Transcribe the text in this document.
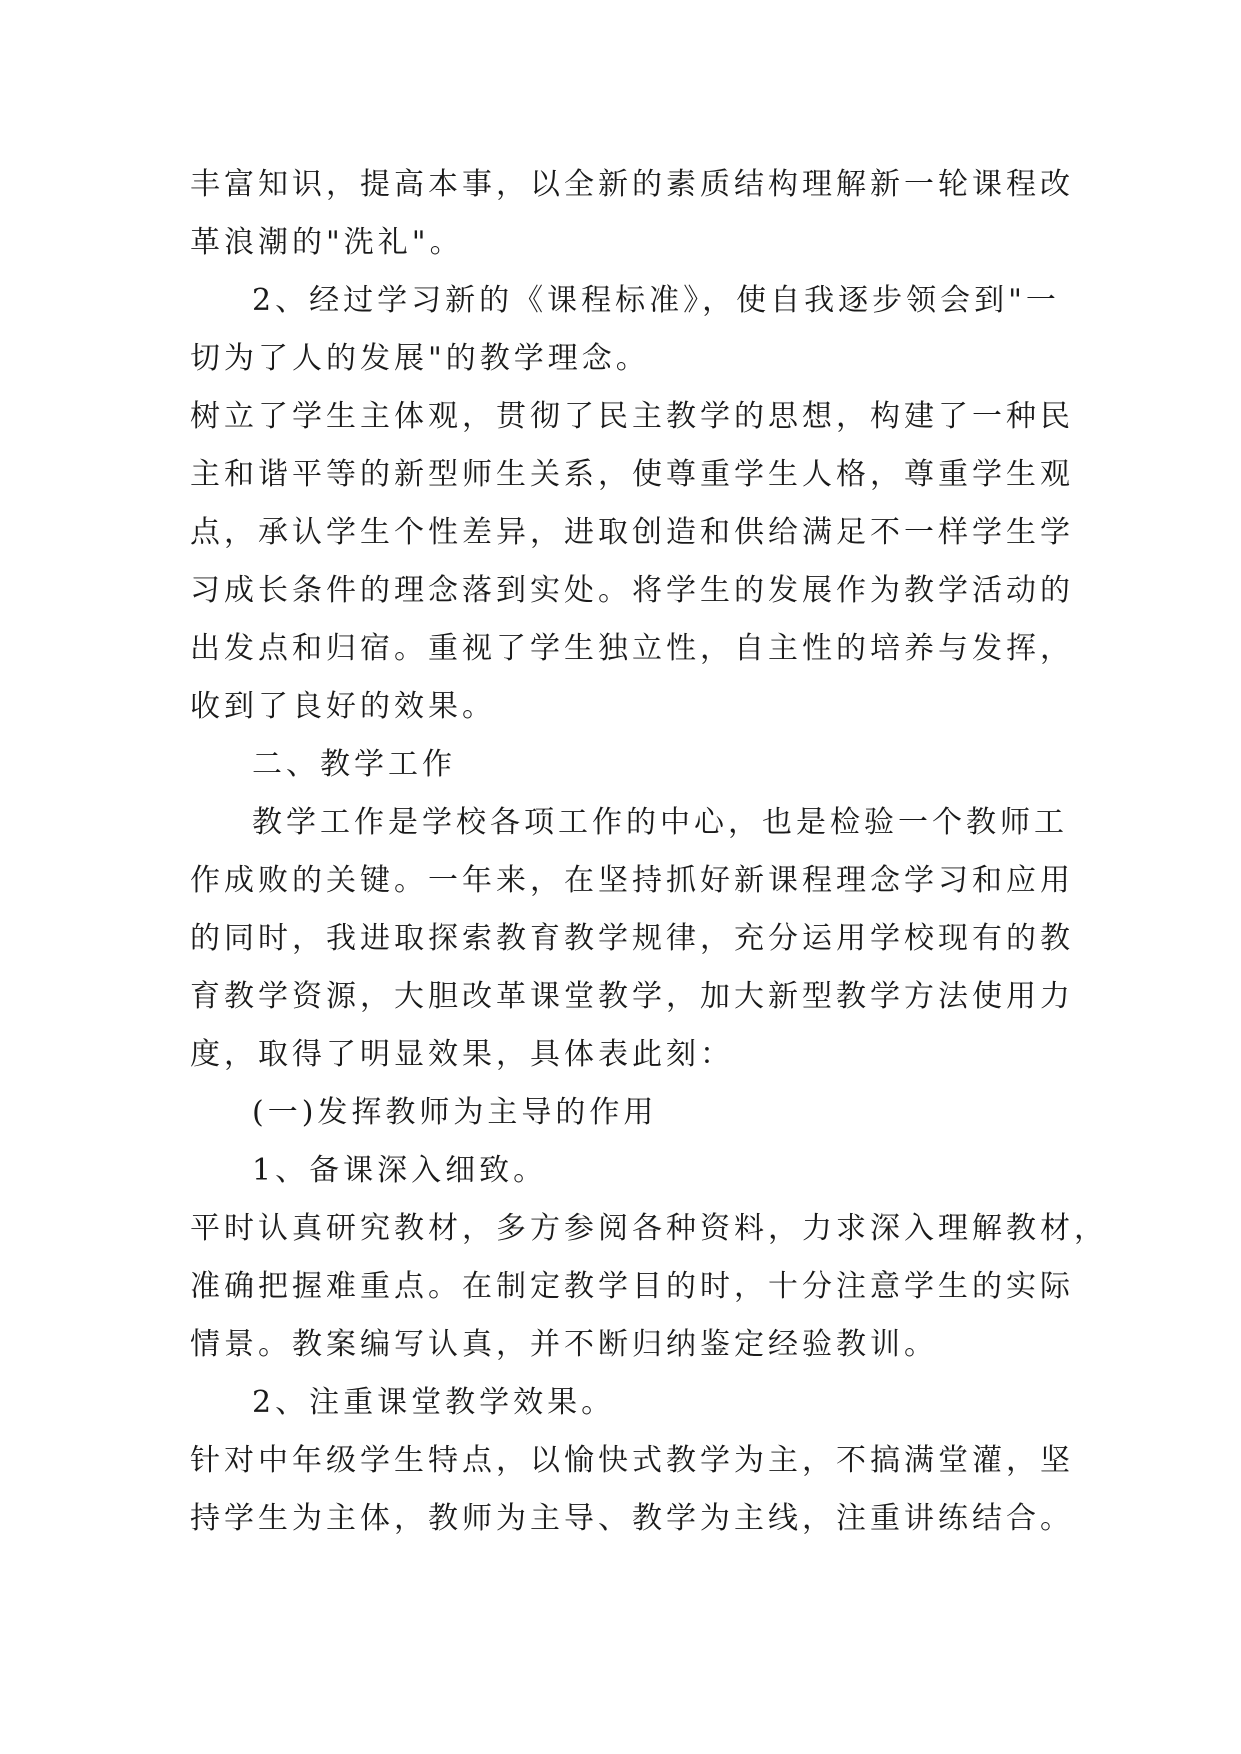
丰富知识，提高本事，以全新的素质结构理解新一轮课程改
革浪潮的"洗礼"。
2、经过学习新的《课程标准》，使自我逐步领会到"一
切为了人的发展"的教学理念。
树立了学生主体观，贯彻了民主教学的思想，构建了一种民
主和谐平等的新型师生关系，使尊重学生人格，尊重学生观
点，承认学生个性差异，进取创造和供给满足不一样学生学
习成长条件的理念落到实处。将学生的发展作为教学活动的
出发点和归宿。重视了学生独立性，自主性的培养与发挥，
收到了良好的效果。
二、教学工作
教学工作是学校各项工作的中心，也是检验一个教师工
作成败的关键。一年来，在坚持抓好新课程理念学习和应用
的同时，我进取探索教育教学规律，充分运用学校现有的教
育教学资源，大胆改革课堂教学，加大新型教学方法使用力
度，取得了明显效果，具体表此刻：
(一)发挥教师为主导的作用
1、备课深入细致。
平时认真研究教材，多方参阅各种资料，力求深入理解教材，
准确把握难重点。在制定教学目的时，十分注意学生的实际
情景。教案编写认真，并不断归纳鉴定经验教训。
2、注重课堂教学效果。
针对中年级学生特点，以愉快式教学为主，不搞满堂灌，坚
持学生为主体，教师为主导、教学为主线，注重讲练结合。
